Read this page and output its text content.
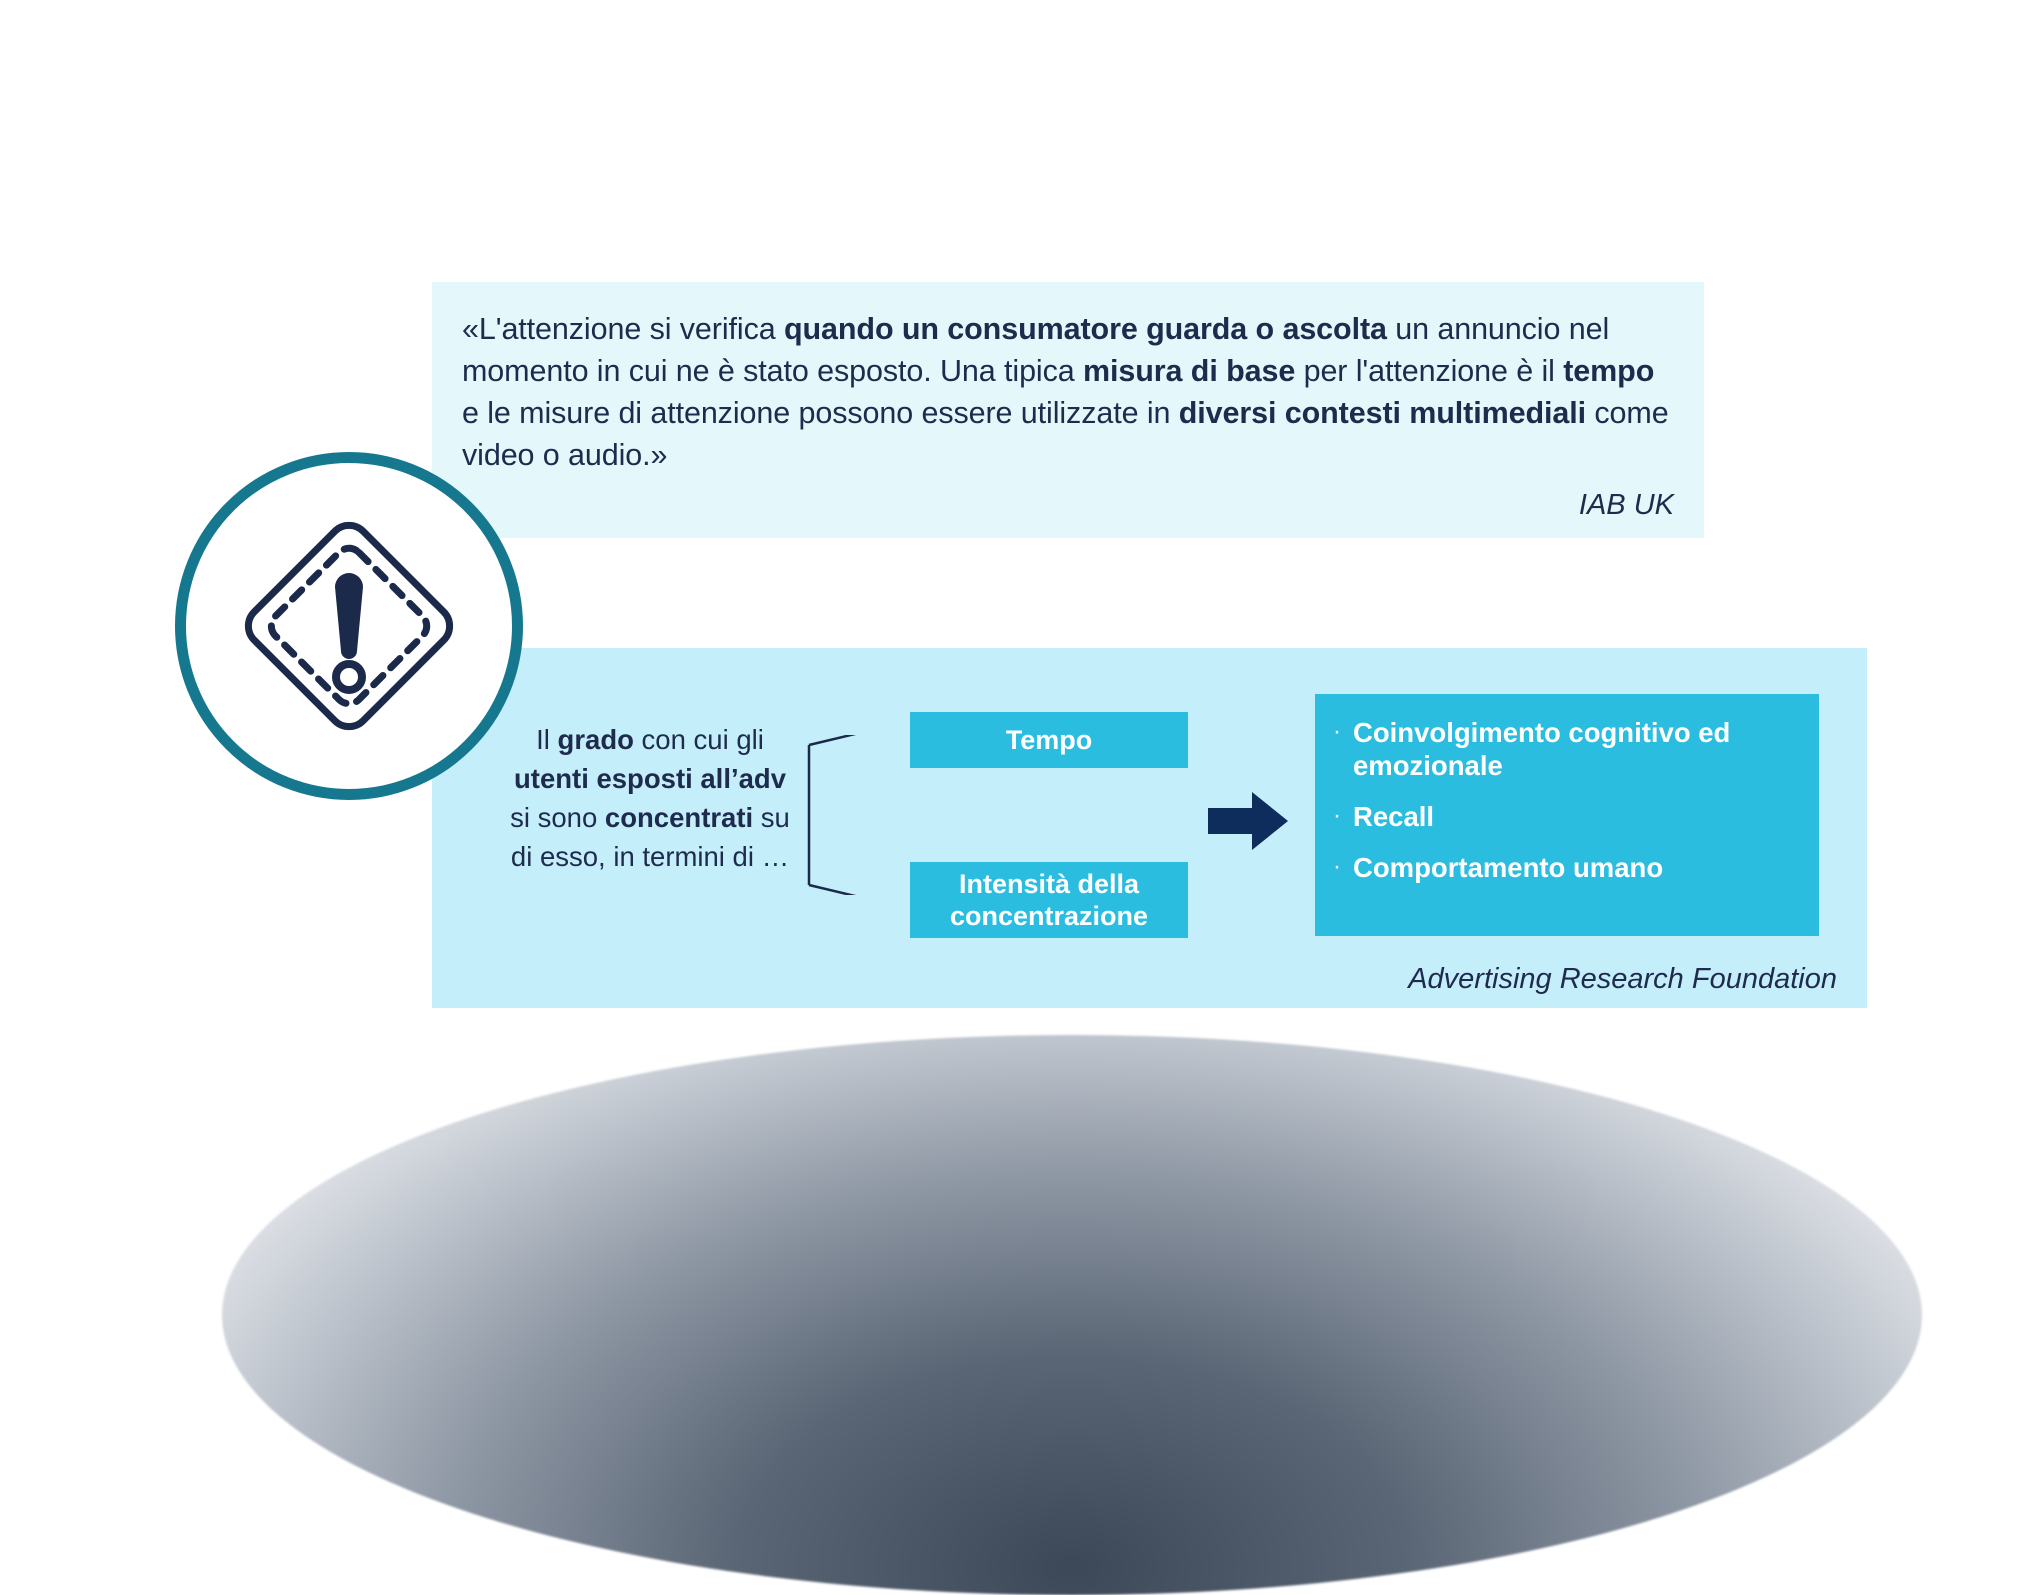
«L'attenzione si verifica quando un consumatore guarda o ascolta un annuncio nel momento in cui ne è stato esposto. Una tipica misura di base per l'attenzione è il tempo e le misure di attenzione possono essere utilizzate in diversi contesti multimediali come video o audio.»
IAB UK
Advertising Research Foundation
Il grado con cui gli utenti esposti all’adv si sono concentrati su di esso, in termini di …
Tempo
Intensità della concentrazione
· Coinvolgimento cognitivo ed emozionale
· Recall
· Comportamento umano
